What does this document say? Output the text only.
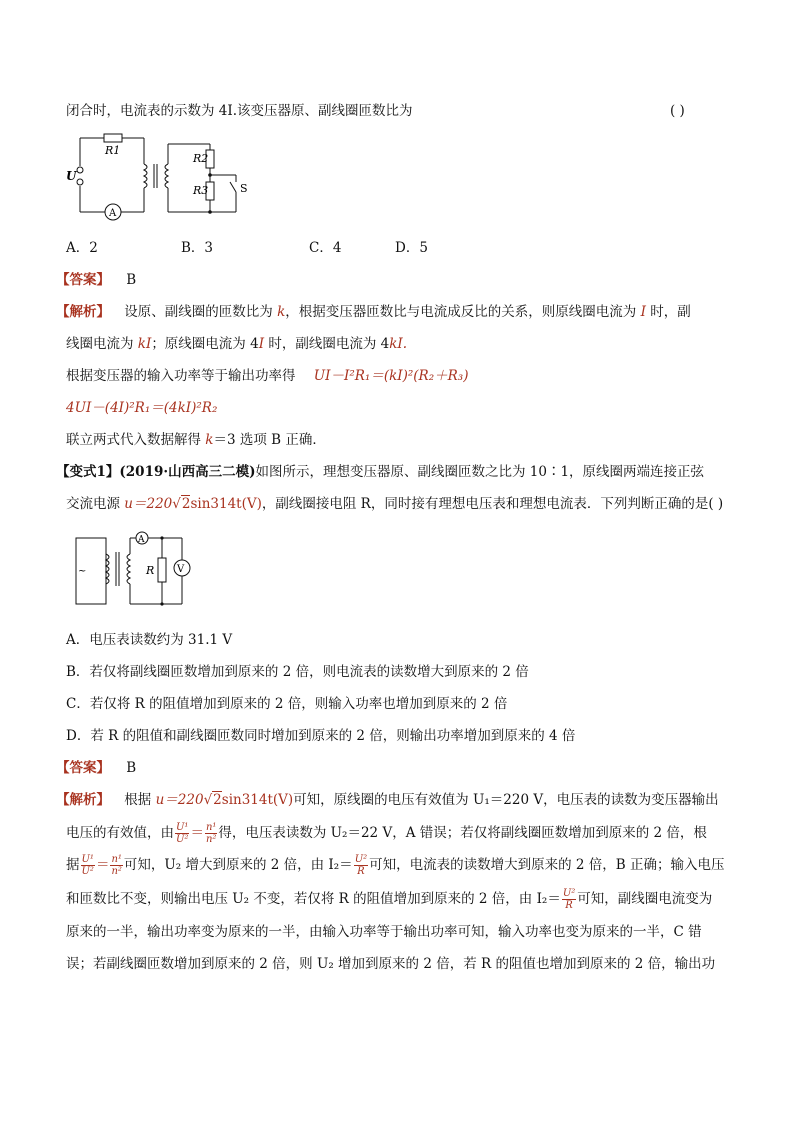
闭合时，电流表的示数为 4I.该变压器原、副线圈匝数比为	( )
R1
R2
R3
U
S
A
A．2	B．3	C．4	D．5
【答案】 B
【解析】 设原、副线圈的匝数比为 k，根据变压器匝数比与电流成反比的关系，则原线圈电流为 I 时，副
线圈电流为 kI；原线圈电流为 4I 时，副线圈电流为 4kI.
根据变压器的输入功率等于输出功率得 UI－I²R₁＝(kI)²(R₂＋R₃)
4UI－(4I)²R₁＝(4kI)²R₂
联立两式代入数据解得 k＝3 选项 B 正确．
【变式1】(2019·山西高三二模)如图所示，理想变压器原、副线圈匝数之比为 10∶1，原线圈两端连接正弦
交流电源 u＝220√2sin314t(V)，副线圈接电阻 R，同时接有理想电压表和理想电流表．下列判断正确的是( )
~
A
V
R
A．电压表读数约为 31.1 V
B．若仅将副线圈匝数增加到原来的 2 倍，则电流表的读数增大到原来的 2 倍
C．若仅将 R 的阻值增加到原来的 2 倍，则输入功率也增加到原来的 2 倍
D．若 R 的阻值和副线圈匝数同时增加到原来的 2 倍，则输出功率增加到原来的 4 倍
【答案】 B
【解析】 根据 u＝220√2sin314t(V)可知，原线圈的电压有效值为 U₁＝220 V，电压表的读数为变压器输出
电压的有效值，由 $\frac{\text{U¹}}{\text{U²}} = \frac{\text{n¹}}{\text{n²}}$ 得，电压表读数为 U₂＝22 V，A 错误；若仅将副线圈匝数增加到原来的 2 倍，根
据 $\frac{\text{U¹}}{\text{U²}} = \frac{\text{n¹}}{\text{n²}}$ 可知，U₂ 增大到原来的 2 倍，由 $I_2= \frac{\text{U²}}{R}$ 可知，电流表的读数增大到原来的 2 倍，B 正确；输入电压
和匝数比不变，则输出电压 U₂ 不变，若仅将 R 的阻值增加到原来的 2 倍，由 $I_2= \frac{\text{U²}}{R}$ 可知，副线圈电流变为
原来的一半，输出功率变为原来的一半，由输入功率等于输出功率可知，输入功率也变为原来的一半，C 错
误；若副线圈匝数增加到原来的 2 倍，则 U₂ 增加到原来的 2 倍，若 R 的阻值也增加到原来的 2 倍，输出功
